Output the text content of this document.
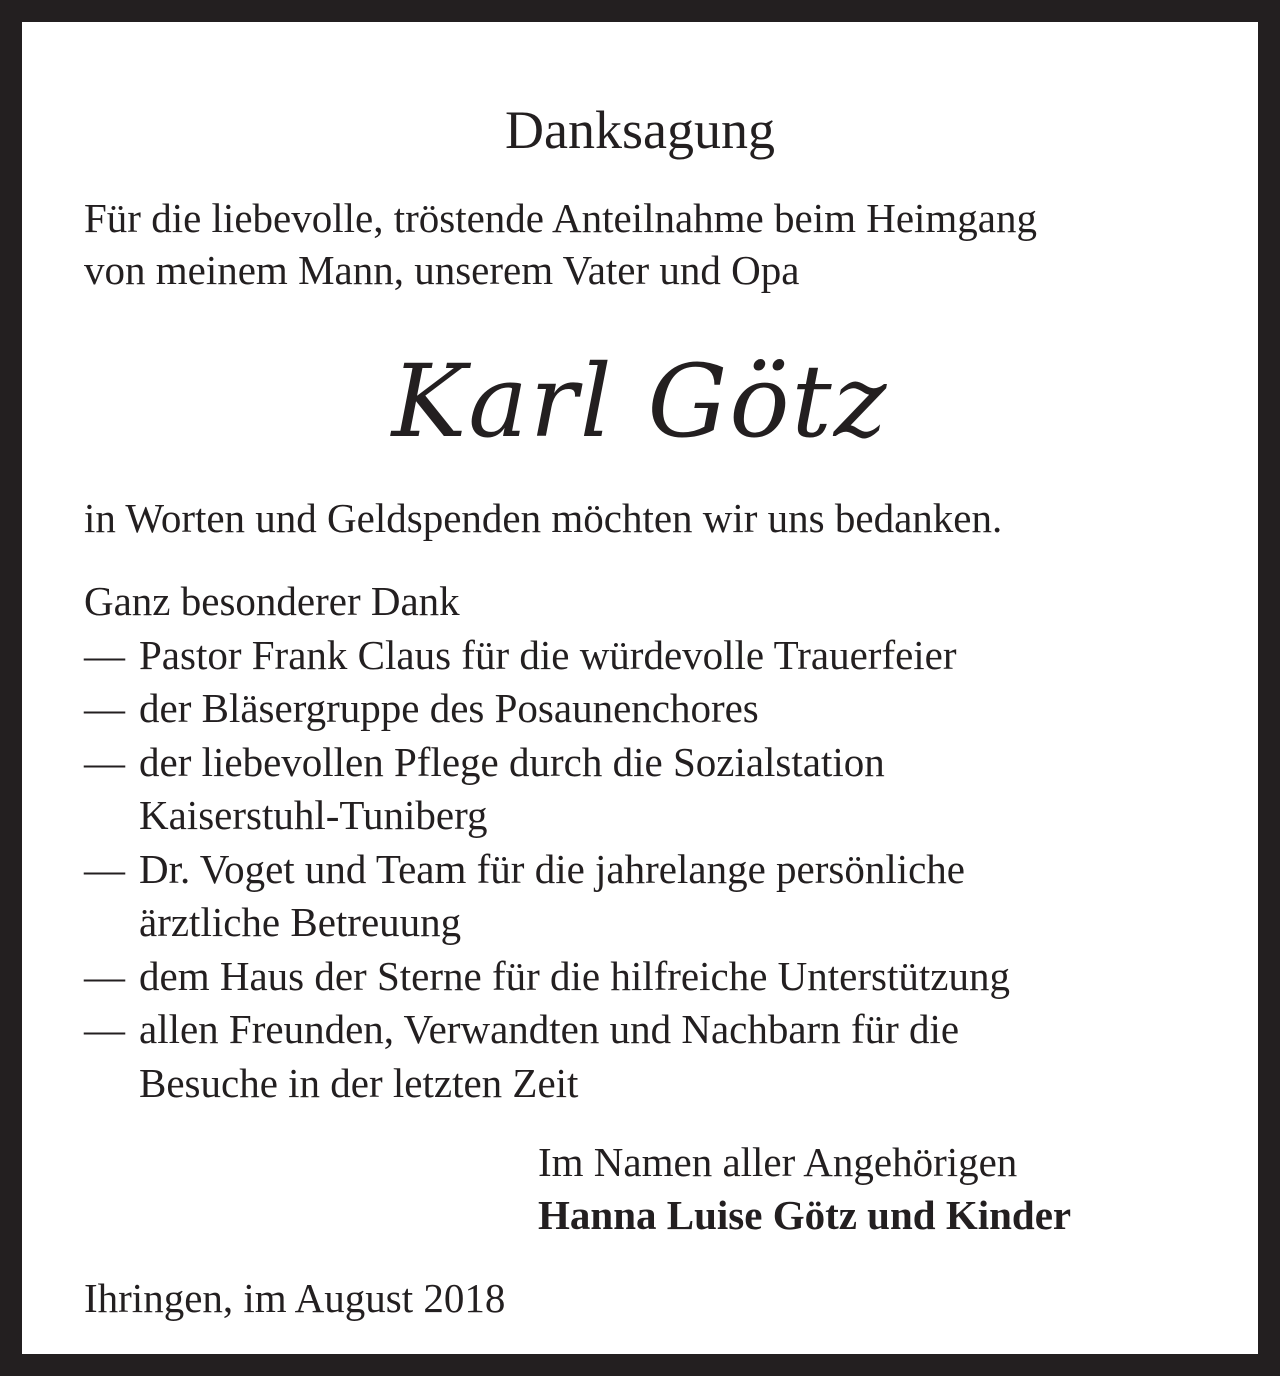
Danksagung
Für die liebevolle, tröstende Anteilnahme beim Heimgang
von meinem Mann, unserem Vater und Opa
Karl Götz
in Worten und Geldspenden möchten wir uns bedanken.
Ganz besonderer Dank
— Pastor Frank Claus für die würdevolle Trauerfeier
— der Bläsergruppe des Posaunenchores
— der liebevollen Pflege durch die Sozialstation
Kaiserstuhl-Tuniberg
— Dr. Voget und Team für die jahrelange persönliche
ärztliche Betreuung
— dem Haus der Sterne für die hilfreiche Unterstützung
— allen Freunden, Verwandten und Nachbarn für die
Besuche in der letzten Zeit
Im Namen aller Angehörigen
Hanna Luise Götz und Kinder
Ihringen, im August 2018
